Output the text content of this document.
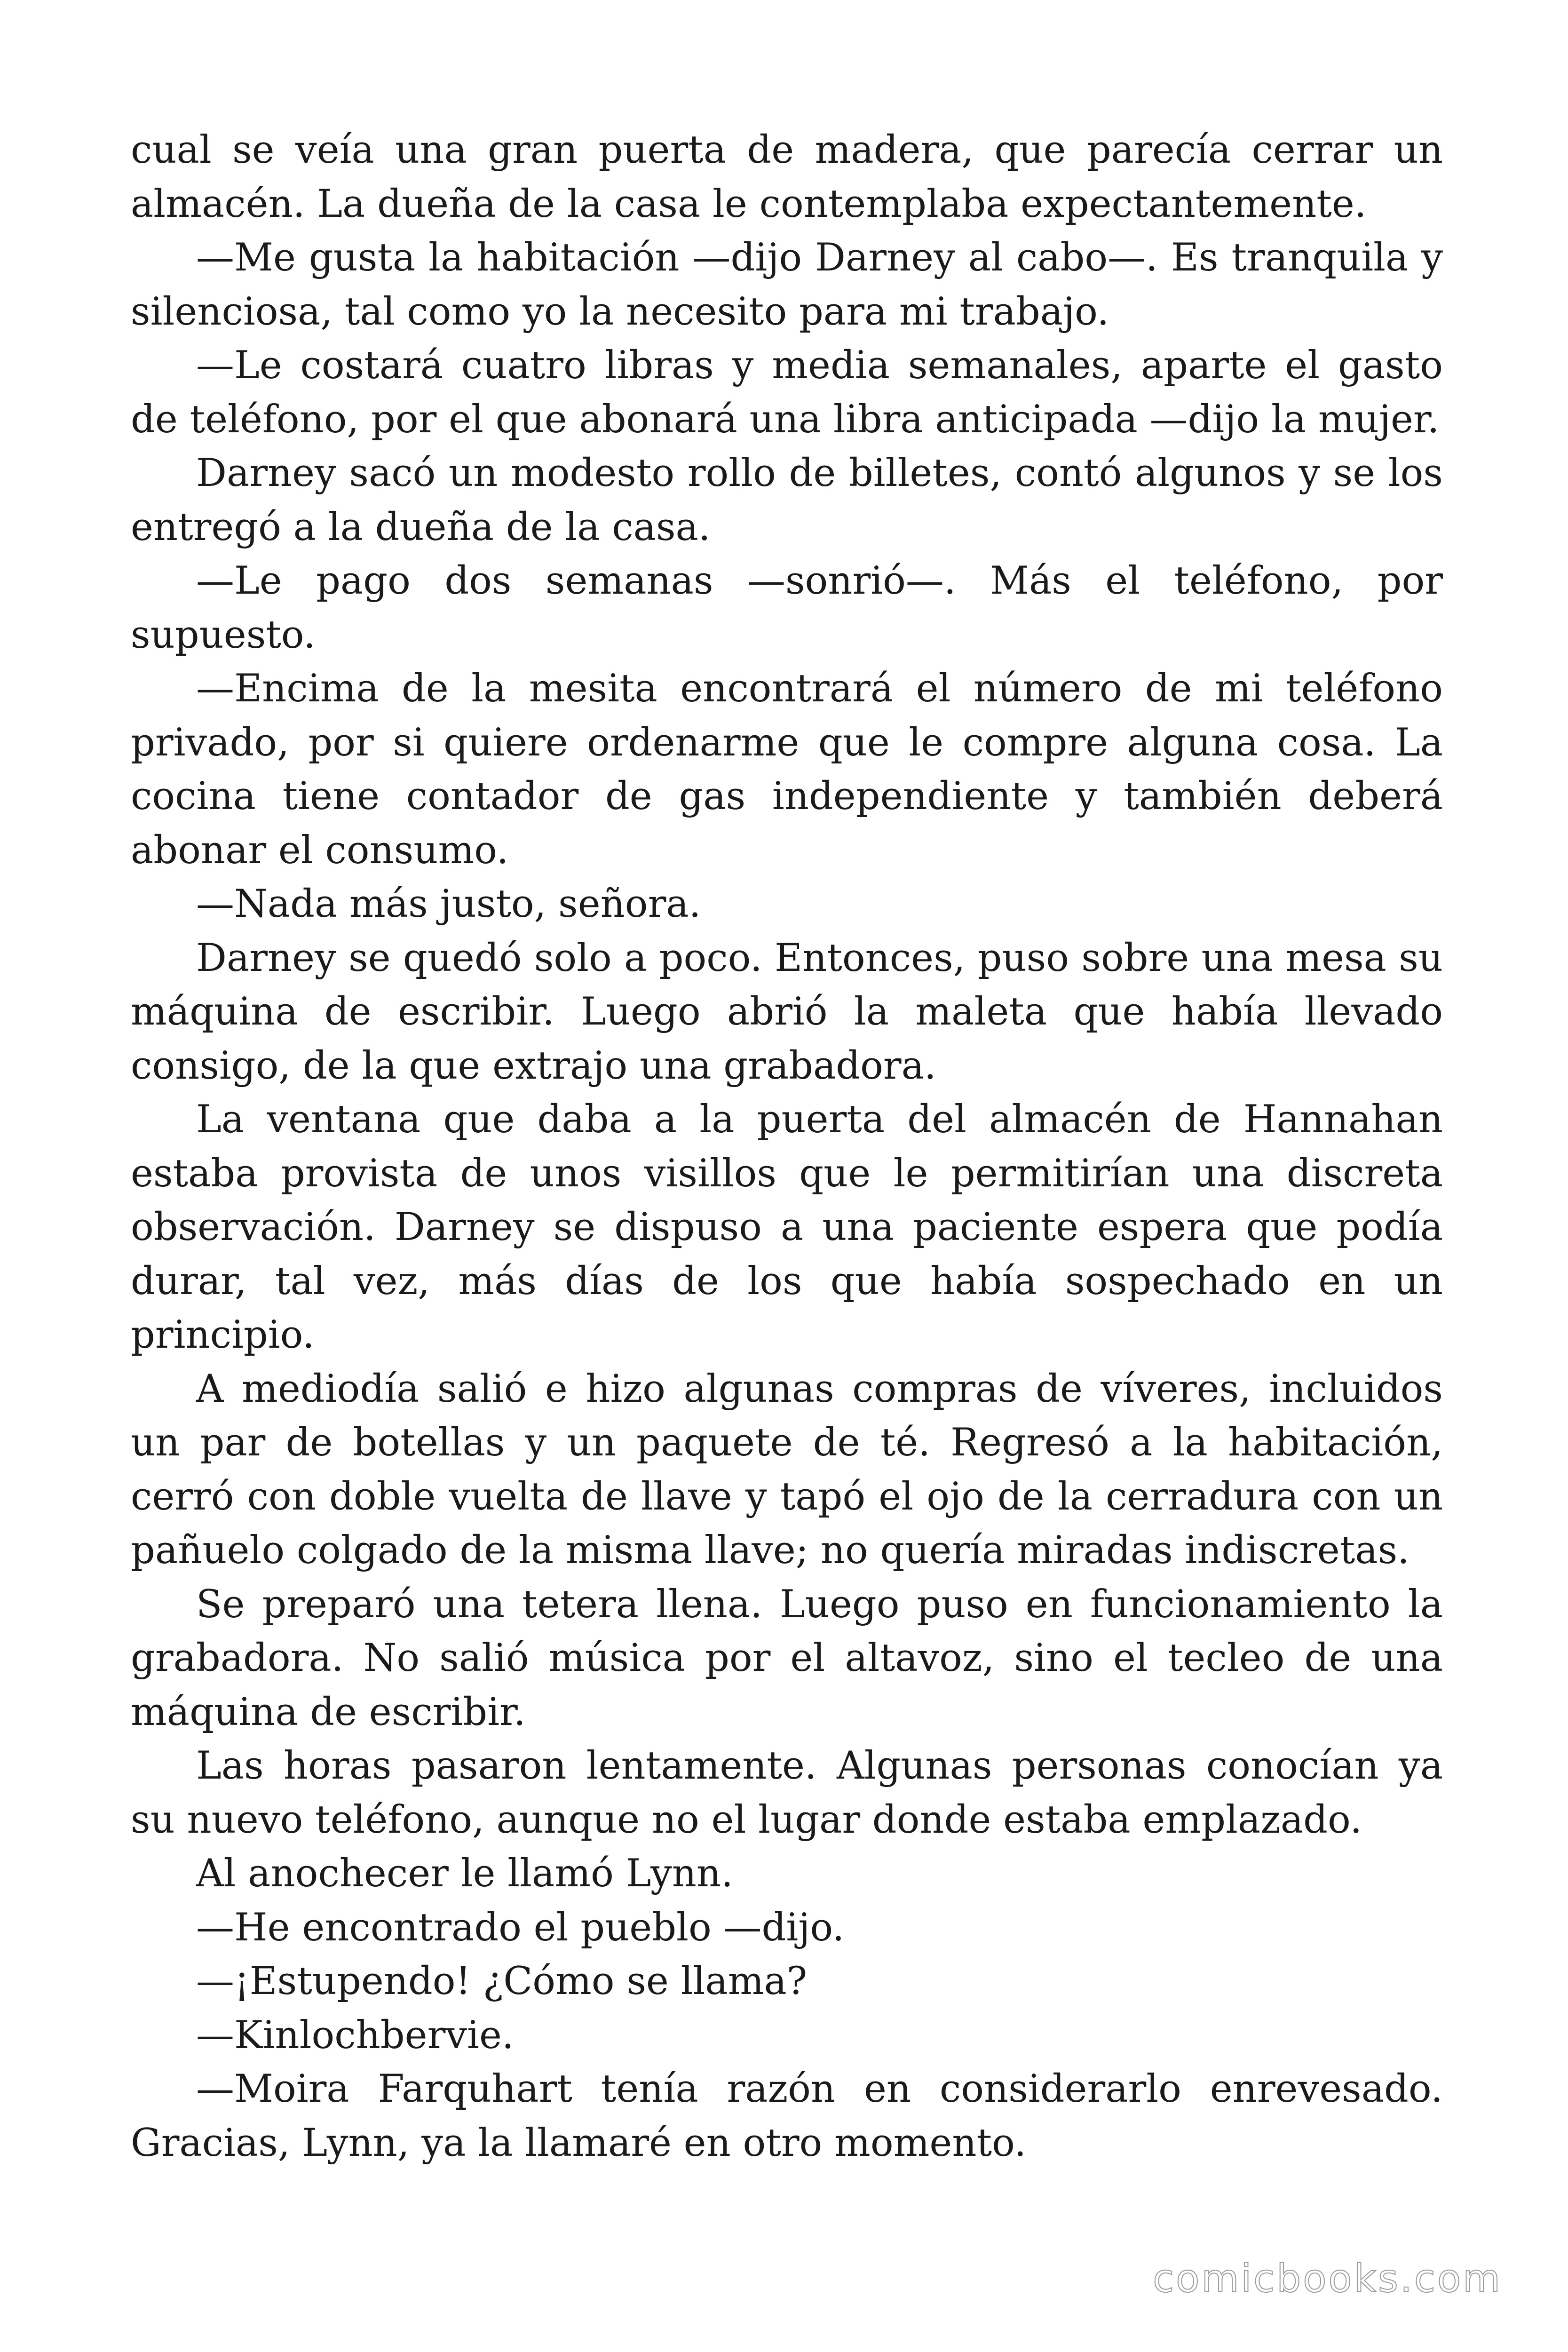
cual se veía una gran puerta de madera, que parecía cerrar un almacén. La dueña de la casa le contemplaba expectantemente.

—Me gusta la habitación —dijo Darney al cabo—. Es tranquila y silenciosa, tal como yo la necesito para mi trabajo.

—Le costará cuatro libras y media semanales, aparte el gasto de teléfono, por el que abonará una libra anticipada —dijo la mujer.

Darney sacó un modesto rollo de billetes, contó algunos y se los entregó a la dueña de la casa.

—Le pago dos semanas —sonrió—. Más el teléfono, por supuesto.

—Encima de la mesita encontrará el número de mi teléfono privado, por si quiere ordenarme que le compre alguna cosa. La cocina tiene contador de gas independiente y también deberá abonar el consumo.

—Nada más justo, señora.

Darney se quedó solo a poco. Entonces, puso sobre una mesa su máquina de escribir. Luego abrió la maleta que había llevado consigo, de la que extrajo una grabadora.

La ventana que daba a la puerta del almacén de Hannahan estaba provista de unos visillos que le permitirían una discreta observación. Darney se dispuso a una paciente espera que podía durar, tal vez, más días de los que había sospechado en un principio.

A mediodía salió e hizo algunas compras de víveres, incluidos un par de botellas y un paquete de té. Regresó a la habitación, cerró con doble vuelta de llave y tapó el ojo de la cerradura con un pañuelo colgado de la misma llave; no quería miradas indiscretas.

Se preparó una tetera llena. Luego puso en funcionamiento la grabadora. No salió música por el altavoz, sino el tecleo de una máquina de escribir.

Las horas pasaron lentamente. Algunas personas conocían ya su nuevo teléfono, aunque no el lugar donde estaba emplazado.

Al anochecer le llamó Lynn.

—He encontrado el pueblo —dijo.

—¡Estupendo! ¿Cómo se llama?

—Kinlochbervie.

—Moira Farquhart tenía razón en considerarlo enrevesado. Gracias, Lynn, ya la llamaré en otro momento.

comicbooks.com
